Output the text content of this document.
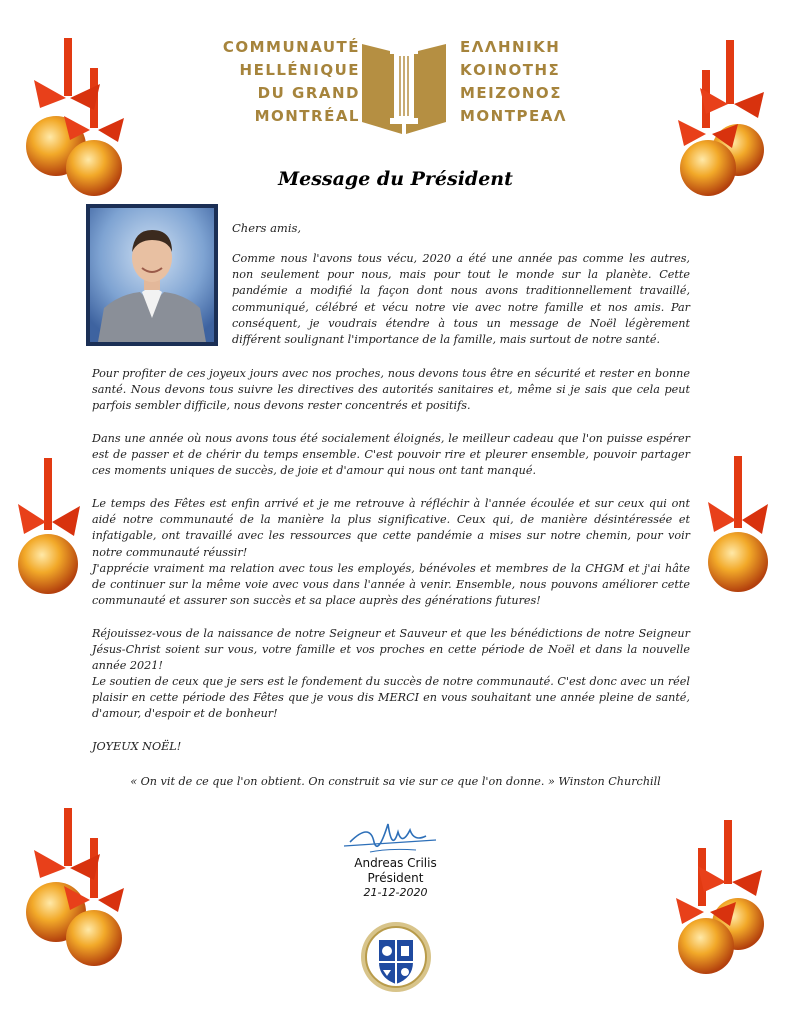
COMMUNAUTÉ
HELLÉNIQUE
DU GRAND
MONTRÉAL
ΕΛΛΗΝΙΚΗ
ΚΟΙΝΟΤΗΣ
ΜΕΙΖΟΝΟΣ
ΜΟΝΤΡΕΑΛ
Message du Président
Chers amis,

Comme nous l'avons tous vécu, 2020 a été une année pas comme les autres, non seulement pour nous, mais pour tout le monde sur la planète. Cette pandémie a modifié la façon dont nous avons traditionnellement travaillé, communiqué, célébré et vécu notre vie avec notre famille et nos amis. Par conséquent, je voudrais étendre à tous un message de Noël légèrement différent soulignant l'importance de la famille, mais surtout de notre santé.

Pour profiter de ces joyeux jours avec nos proches, nous devons tous être en sécurité et rester en bonne santé. Nous devons tous suivre les directives des autorités sanitaires et, même si je sais que cela peut parfois sembler difficile, nous devons rester concentrés et positifs.

Dans une année où nous avons tous été socialement éloignés, le meilleur cadeau que l'on puisse espérer est de passer et de chérir du temps ensemble. C'est pouvoir rire et pleurer ensemble, pouvoir partager ces moments uniques de succès, de joie et d'amour qui nous ont tant manqué.

Le temps des Fêtes est enfin arrivé et je me retrouve à réfléchir à l'année écoulée et sur ceux qui ont aidé notre communauté de la manière la plus significative. Ceux qui, de manière désintéressée et infatigable, ont travaillé avec les ressources que cette pandémie a mises sur notre chemin, pour voir notre communauté réussir!

J'apprécie vraiment ma relation avec tous les employés, bénévoles et membres de la CHGM et j'ai hâte de continuer sur la même voie avec vous dans l'année à venir. Ensemble, nous pouvons améliorer cette communauté et assurer son succès et sa place auprès des générations futures!

Réjouissez-vous de la naissance de notre Seigneur et Sauveur et que les bénédictions de notre Seigneur Jésus-Christ soient sur vous, votre famille et vos proches en cette période de Noël et dans la nouvelle année 2021!

Le soutien de ceux que je sers est le fondement du succès de notre communauté. C'est donc avec un réel plaisir en cette période des Fêtes que je vous dis MERCI en vous souhaitant une année pleine de santé, d'amour, d'espoir et de bonheur!

JOYEUX NOËL!
« On vit de ce que l'on obtient. On construit sa vie sur ce que l'on donne. » Winston Churchill
Andreas Crilis
Président
21-12-2020
